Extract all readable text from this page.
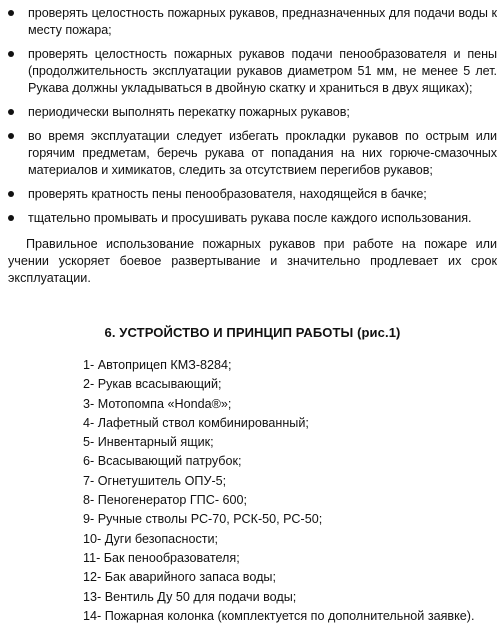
проверять целостность пожарных рукавов, предназначенных для подачи воды к месту пожара;
проверять целостность пожарных рукавов подачи пенообразователя и пены (продолжительность эксплуатации рукавов диаметром 51 мм, не менее 5 лет. Рукава должны укладываться в двойную скатку и храниться в двух ящиках);
периодически выполнять перекатку пожарных рукавов;
во время эксплуатации следует избегать прокладки рукавов по острым или горячим предметам, беречь рукава от попадания на них горюче-смазочных материалов и химикатов, следить за отсутствием перегибов рукавов;
проверять кратность пены пенообразователя, находящейся в бачке;
тщательно промывать и просушивать рукава после каждого использования.

Правильное использование пожарных рукавов при работе на пожаре или учении ускоряет боевое развертывание и значительно продлевает их срок эксплуатации.

6. УСТРОЙСТВО И ПРИНЦИП РАБОТЫ (рис.1)
1- Автоприцеп КМЗ-8284;
2- Рукав всасывающий;
3- Мотопомпа «Honda®»;
4- Лафетный ствол комбинированный;
5- Инвентарный ящик;
6- Всасывающий патрубок;
7- Огнетушитель ОПУ-5;
8- Пеногенератор ГПС- 600;
9- Ручные стволы РС-70, РСК-50, РС-50;
10- Дуги безопасности;
11- Бак пенообразователя;
12- Бак аварийного запаса воды;
13- Вентиль Ду 50 для подачи воды;
14- Пожарная колонка (комплектуется по дополнительной заявке).
